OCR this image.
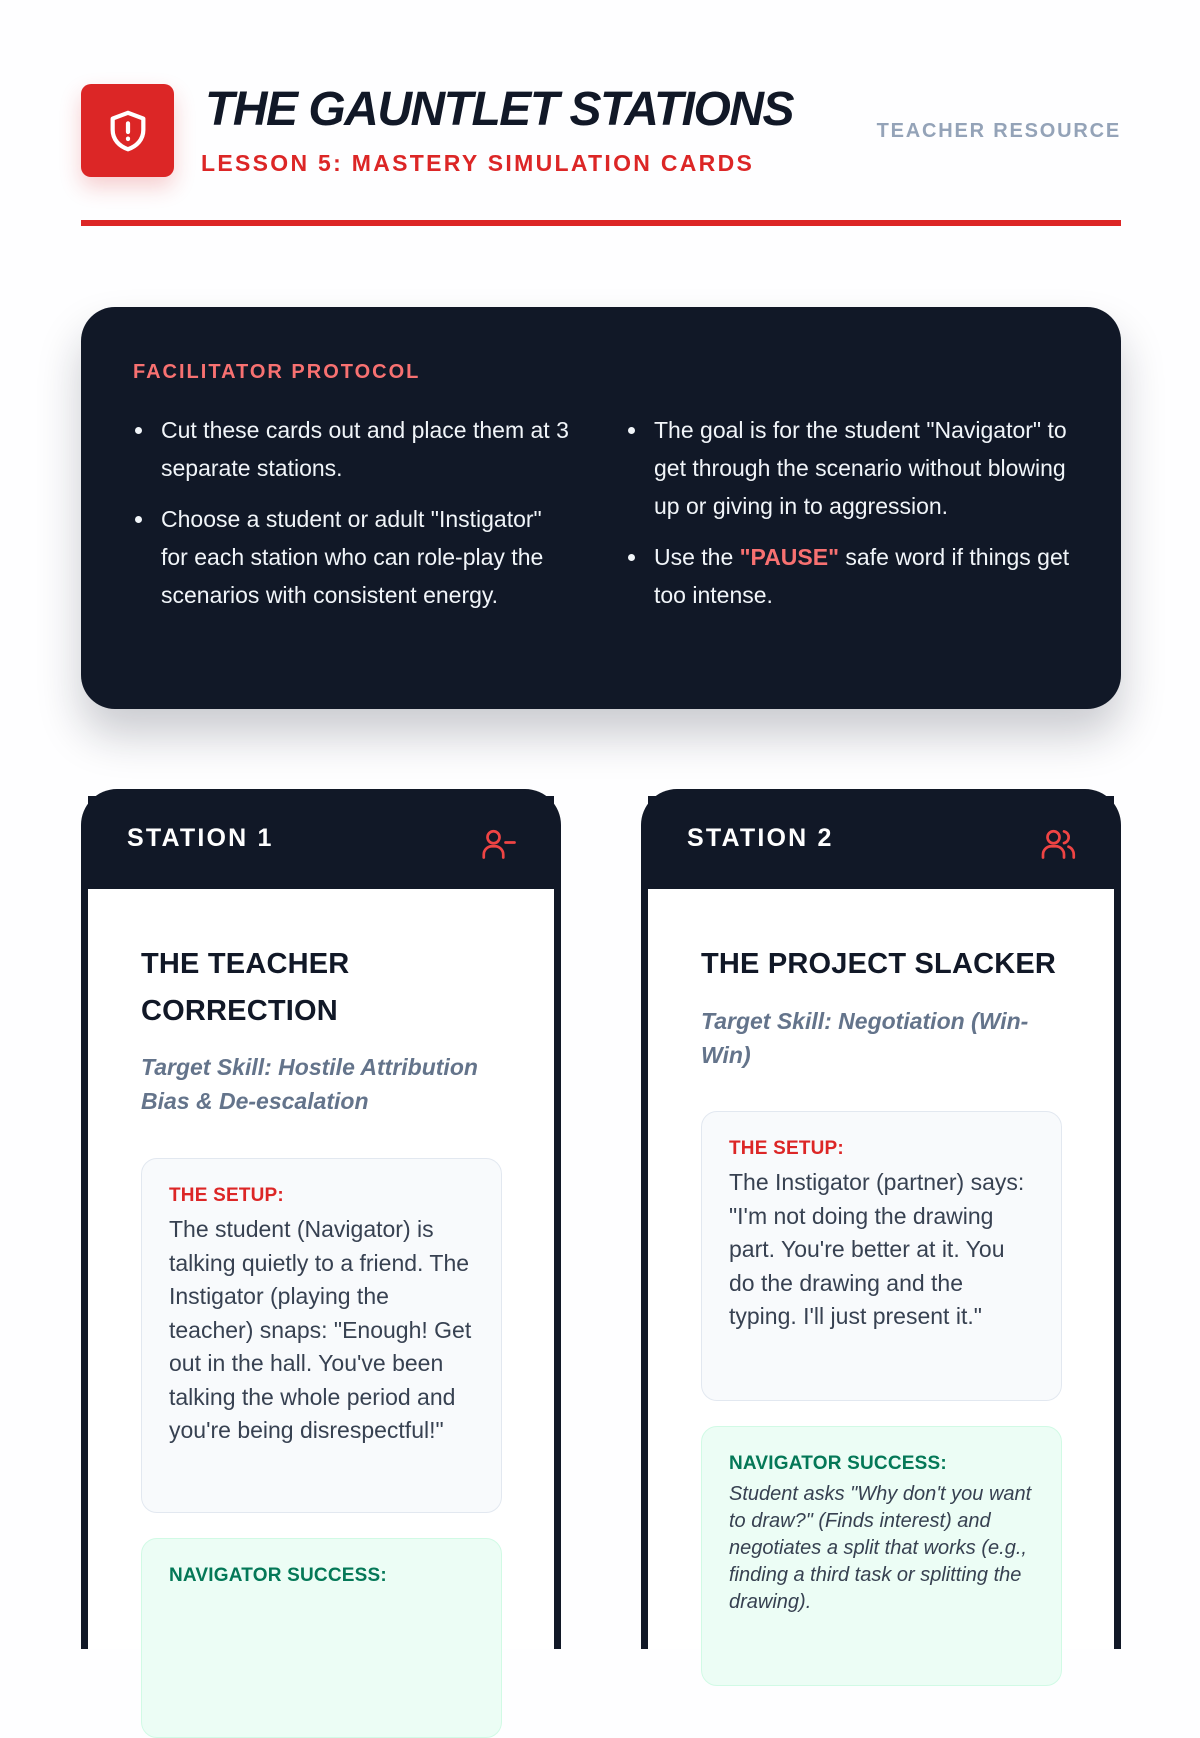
THE GAUNTLET STATIONS
LESSON 5: MASTERY SIMULATION CARDS
TEACHER RESOURCE
FACILITATOR PROTOCOL
Cut these cards out and place them at 3 separate stations.
Choose a student or adult "Instigator" for each station who can role-play the scenarios with consistent energy.
The goal is for the student "Navigator" to get through the scenario without blowing up or giving in to aggression.
Use the "PAUSE" safe word if things get too intense.
STATION 1
THE TEACHER CORRECTION
Target Skill: Hostile Attribution Bias & De-escalation
THE SETUP:
The student (Navigator) is talking quietly to a friend. The Instigator (playing the teacher) snaps: "Enough! Get out in the hall. You've been talking the whole period and you're being disrespectful!"
NAVIGATOR SUCCESS:
STATION 2
THE PROJECT SLACKER
Target Skill: Negotiation (Win-Win)
THE SETUP:
The Instigator (partner) says: "I'm not doing the drawing part. You're better at it. You do the drawing and the typing. I'll just present it."
NAVIGATOR SUCCESS:
Student asks "Why don't you want to draw?" (Finds interest) and negotiates a split that works (e.g., finding a third task or splitting the drawing).
